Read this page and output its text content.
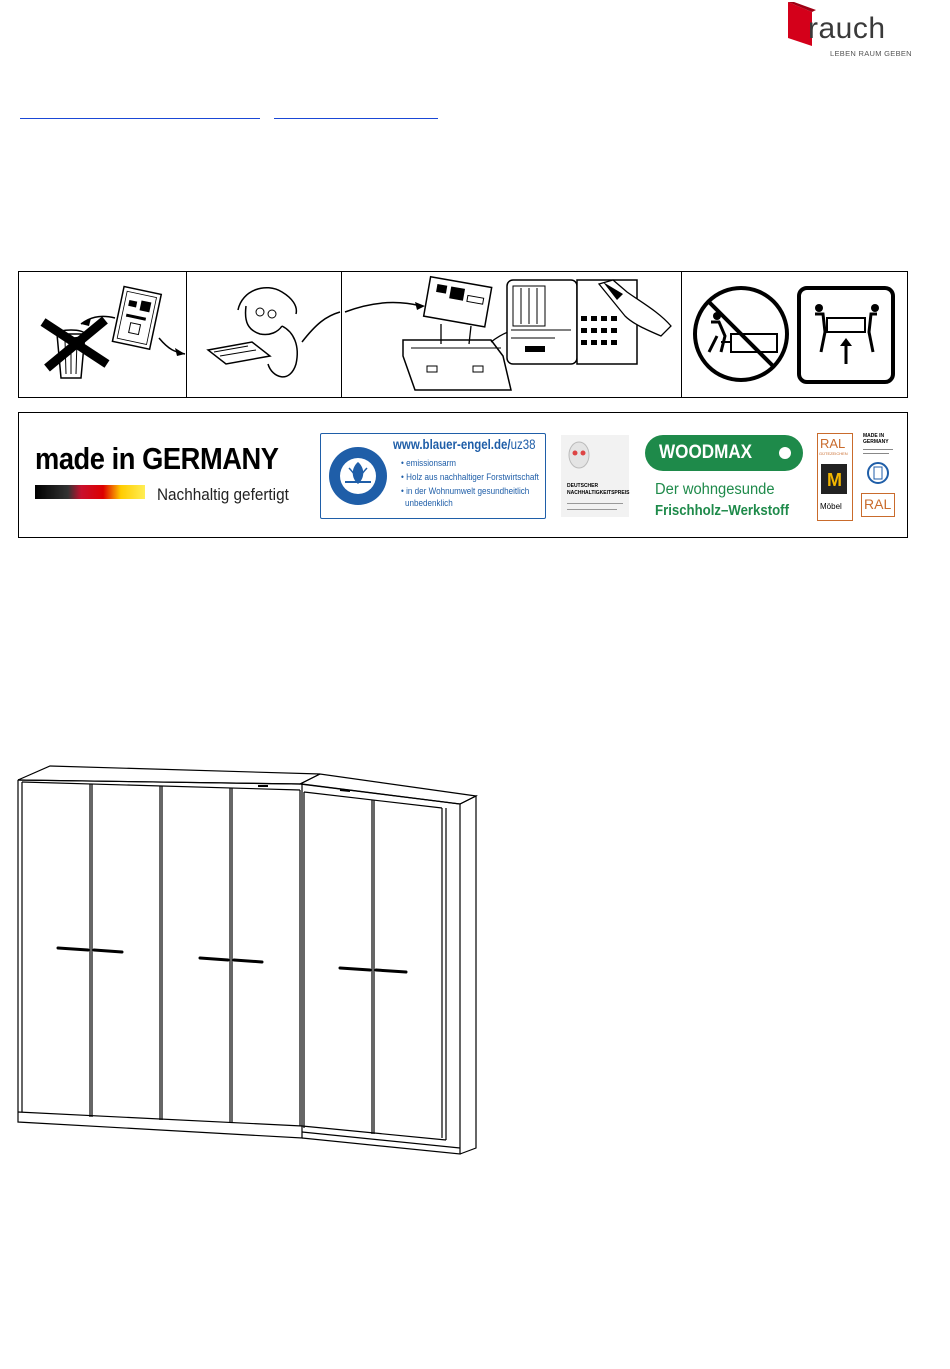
rauch
LEBEN RAUM GEBEN
made in GERMANY
Nachhaltig gefertigt
www.blauer-engel.de/uz38
• emissionsarm
• Holz aus nachhaltiger Forstwirtschaft
• in der Wohnumwelt gesundheitlich
unbedenklich
DEUTSCHER
NACHHALTIGKEITSPREIS
WOODMAX
Der wohngesunde
Frischholz–Werkstoff
RAL
GÜTEZEICHEN
M
Möbel
MADE IN GERMANY
RAL
